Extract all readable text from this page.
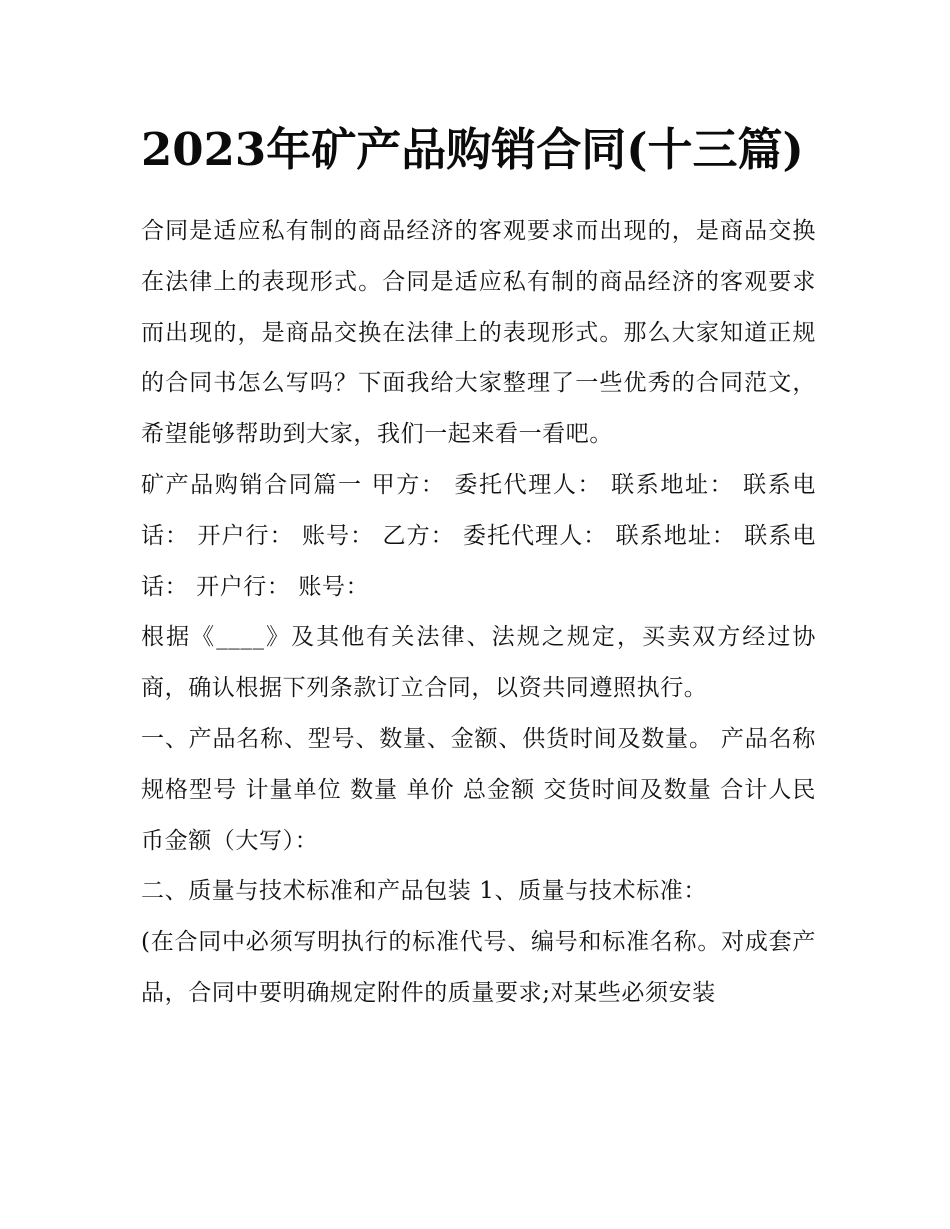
2023年矿产品购销合同(十三篇)

合同是适应私有制的商品经济的客观要求而出现的，是商品交换在法律上的表现形式。合同是适应私有制的商品经济的客观要求而出现的，是商品交换在法律上的表现形式。那么大家知道正规的合同书怎么写吗？下面我给大家整理了一些优秀的合同范文，希望能够帮助到大家，我们一起来看一看吧。

矿产品购销合同篇一 甲方： 委托代理人： 联系地址： 联系电话： 开户行： 账号： 乙方： 委托代理人： 联系地址： 联系电话： 开户行： 账号：

根据《____》及其他有关法律、法规之规定，买卖双方经过协商，确认根据下列条款订立合同，以资共同遵照执行。

一、产品名称、型号、数量、金额、供货时间及数量。 产品名称 规格型号 计量单位 数量 单价 总金额 交货时间及数量 合计人民币金额（大写）：

二、质量与技术标准和产品包装 1、质量与技术标准：

(在合同中必须写明执行的标准代号、编号和标准名称。对成套产品，合同中要明确规定附件的质量要求;对某些必须安装
